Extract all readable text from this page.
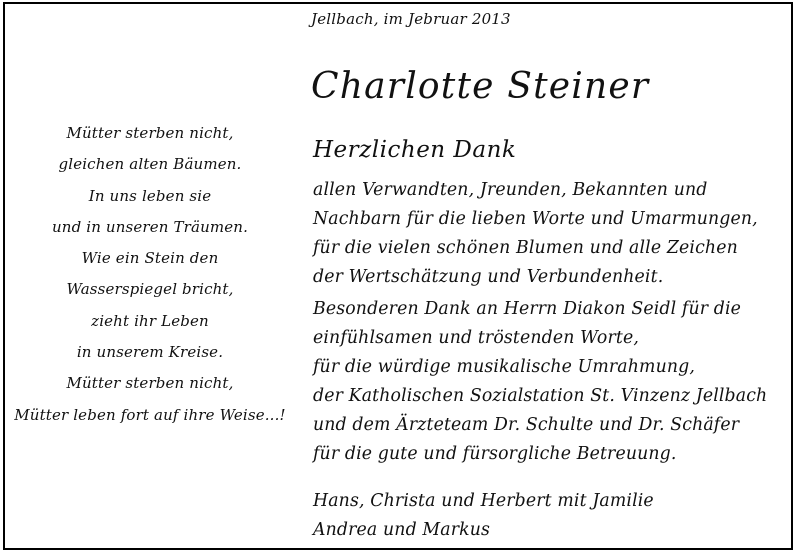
Jellbach, im Jebruar 2013
Charlotte Steiner
Mütter sterben nicht,
gleichen alten Bäumen.
In uns leben sie
und in unseren Träumen.
Wie ein Stein den
Wasserspiegel bricht,
zieht ihr Leben
in unserem Kreise.
Mütter sterben nicht,
Mütter leben fort auf ihre Weise...!
Herzlichen Dank
allen Verwandten, Jreunden, Bekannten und
Nachbarn für die lieben Worte und Umarmungen,
für die vielen schönen Blumen und alle Zeichen
der Wertschätzung und Verbundenheit.
Besonderen Dank an Herrn Diakon Seidl für die
einfühlsamen und tröstenden Worte,
für die würdige musikalische Umrahmung,
der Katholischen Sozialstation St. Vinzenz Jellbach
und dem Ärzteteam Dr. Schulte und Dr. Schäfer
für die gute und fürsorgliche Betreuung.
Hans, Christa und Herbert mit Jamilie
Andrea und Markus
